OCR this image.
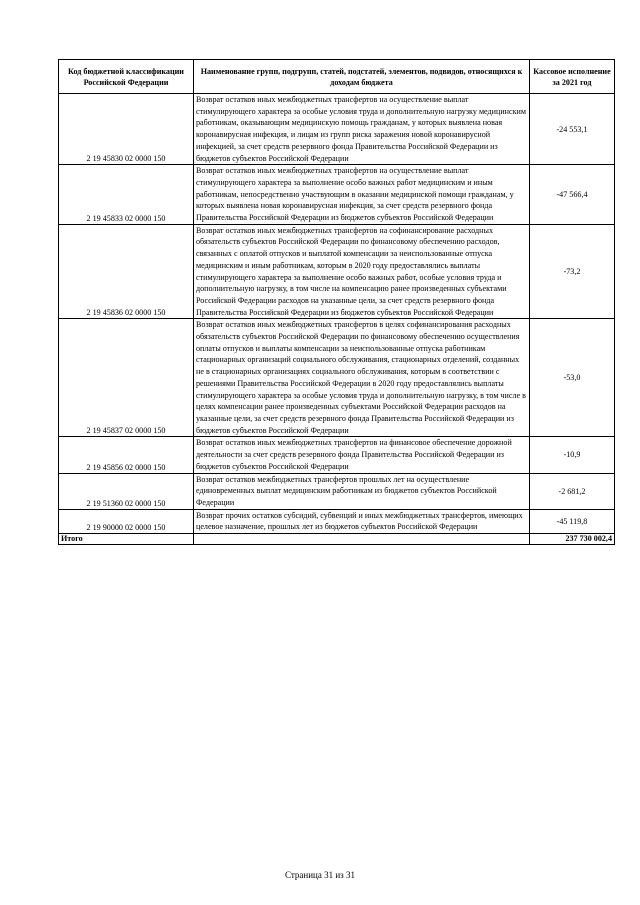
Код бюджетной классификации Российской Федерации	Наименование групп, подгрупп, статей, подстатей, элементов, подвидов, относящихся к доходам бюджета	Кассовое исполнение за 2021 год
2 19 45830 02 0000 150	Возврат остатков иных межбюджетных трансфертов на осуществление выплат стимулирующего характера за особые условия труда и дополнительную нагрузку медицинским работникам, оказывающим медицинскую помощь гражданам, у которых выявлена новая коронавирусная инфекция, и лицам из групп риска заражения новой коронавирусной инфекцией, за счет средств резервного фонда Правительства Российской Федерации из бюджетов субъектов Российской Федерации	-24 553,1
2 19 45833 02 0000 150	Возврат остатков иных межбюджетных трансфертов на осуществление выплат стимулирующего характера за выполнение особо важных работ медицинским и иным работникам, непосредственно участвующим в оказании медицинской помощи гражданам, у которых выявлена новая коронавирусная инфекция, за счет средств резервного фонда Правительства Российской Федерации из бюджетов субъектов Российской Федерации	-47 566,4
2 19 45836 02 0000 150	Возврат остатков иных межбюджетных трансфертов на софинансирование расходных обязательств субъектов Российской Федерации по финансовому обеспечению расходов, связанных с оплатой отпусков и выплатой компенсации за неиспользованные отпуска медицинским и иным работникам, которым в 2020 году предоставлялись выплаты стимулирующего характера за выполнение особо важных работ, особые условия труда и дополнительную нагрузку, в том числе на компенсацию ранее произведенных субъектами Российской Федерации расходов на указанные цели, за счет средств резервного фонда Правительства Российской Федерации из бюджетов субъектов Российской Федерации	-73,2
2 19 45837 02 0000 150	Возврат остатков иных межбюджетных трансфертов в целях софинансирования расходных обязательств субъектов Российской Федерации по финансовому обеспечению осуществления оплаты отпусков и выплаты компенсации за неиспользованные отпуска работникам стационарных организаций социального обслуживания, стационарных отделений, созданных не в стационарных организациях социального обслуживания, которым в соответствии с решениями Правительства Российской Федерации в 2020 году предоставлялись выплаты стимулирующего характера за особые условия труда и дополнительную нагрузку, в том числе в целях компенсации ранее произведенных субъектами Российской Федерации расходов на указанные цели, за счет средств резервного фонда Правительства Российской Федерации из бюджетов субъектов Российской Федерации	-53,0
2 19 45856 02 0000 150	Возврат остатков иных межбюджетных трансфертов на финансовое обеспечение дорожной деятельности за счет средств резервного фонда Правительства Российской Федерации из бюджетов субъектов Российской Федерации	-10,9
2 19 51360 02 0000 150	Возврат остатков межбюджетных трансфертов прошлых лет на осуществление единовременных выплат медицинским работникам из бюджетов субъектов Российской Федерации	-2 681,2
2 19 90000 02 0000 150	Возврат прочих остатков субсидий, субвенций и иных межбюджетных трансфертов, имеющих целевое назначение, прошлых лет из бюджетов субъектов Российской Федерации	-45 119,8
Итого		237 730 002,4
Страница 31 из 31
